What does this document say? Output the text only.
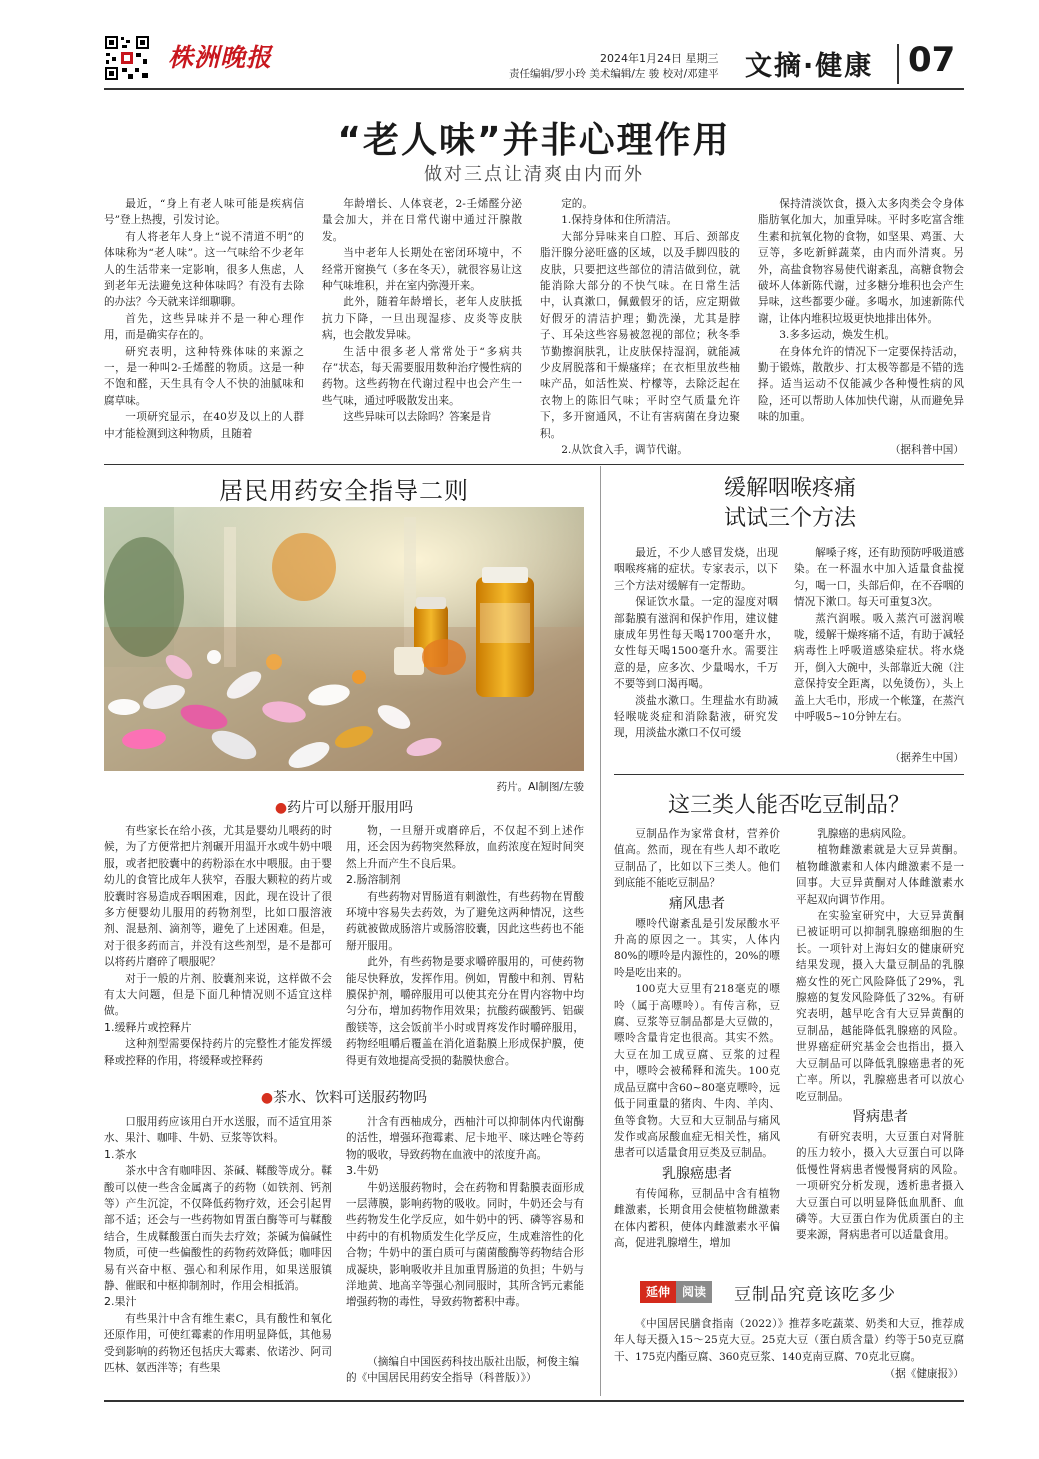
株洲晚报	2024年1月24日 星期三
责任编辑/罗小玲 美术编辑/左 骏 校对/邓建平 文摘·健康 07
“老人味”并非心理作用
做对三点让清爽由内而外

最近，“身上有老人味可能是疾病信号”登上热搜，引发讨论。

有人将老年人身上“说不清道不明”的体味称为“老人味”。这一气味给不少老年人的生活带来一定影响，很多人焦虑，人到老年无法避免这种体味吗？有没有去除的办法？今天就来详细聊聊。

首先，这些异味并不是一种心理作用，而是确实存在的。

研究表明，这种特殊体味的来源之一，是一种叫2-壬烯醛的物质。这是一种不饱和醛，天生具有令人不快的油腻味和腐草味。

一项研究显示，在40岁及以上的人群中才能检测到这种物质，且随着

年龄增长、人体衰老，2-壬烯醛分泌量会加大，并在日常代谢中通过汗腺散发。

当中老年人长期处在密闭环境中，不经常开窗换气（多在冬天），就很容易让这种气味堆积，并在室内弥漫开来。

此外，随着年龄增长，老年人皮肤抵抗力下降，一旦出现湿疹、皮炎等皮肤病，也会散发异味。

生活中很多老人常常处于“多病共存”状态，每天需要服用数种治疗慢性病的药物。这些药物在代谢过程中也会产生一些气味，通过呼吸散发出来。

这些异味可以去除吗？答案是肯

定的。

1.保持身体和住所清洁。

大部分异味来自口腔、耳后、颈部皮脂汗腺分泌旺盛的区域，以及手脚四肢的皮肤，只要把这些部位的清洁做到位，就能消除大部分的不快气味。在日常生活中，认真漱口，佩戴假牙的话，应定期做好假牙的清洁护理；勤洗澡，尤其是脖子、耳朵这些容易被忽视的部位；秋冬季节勤擦润肤乳，让皮肤保持湿润，就能减少皮屑脱落和干燥瘙痒；在衣柜里放些柚味产品，如活性炭、柠檬等，去除泛起在衣物上的陈旧气味；平时空气质量允许下，多开窗通风，不让有害病菌在身边聚积。

2.从饮食入手，调节代谢。

保持清淡饮食，摄入太多肉类会令身体脂肪氧化加大，加重异味。平时多吃富含维生素和抗氧化物的食物，如坚果、鸡蛋、大豆等，多吃新鲜蔬菜，由内而外清爽。另外，高盐食物容易使代谢紊乱，高糖食物会破坏人体新陈代谢，过多糖分堆积也会产生异味，这些都要少碰。多喝水，加速新陈代谢，让体内堆积垃圾更快地排出体外。

3.多多运动，焕发生机。

在身体允许的情况下一定要保持活动，勤于锻炼，散散步、打太极等都是不错的选择。适当运动不仅能减少各种慢性病的风险，还可以帮助人体加快代谢，从而避免异味的加重。

（据科普中国）
居民用药安全指导二则
药片。AI制图/左骏
●药片可以掰开服用吗

有些家长在给小孩，尤其是婴幼儿喂药的时候，为了方便常把片剂碾开用温开水或牛奶中喂服，或者把胶囊中的药粉添在水中喂服。由于婴幼儿的食管比成年人狭窄，吞服大颗粒的药片或胶囊时容易造成吞咽困难，因此，现在设计了很多方便婴幼儿服用的药物剂型，比如口服溶液剂、混悬剂、滴剂等，避免了上述困难。但是，对于很多药而言，并没有这些剂型，是不是都可以将药片磨碎了喂服呢？

对于一般的片剂、胶囊剂来说，这样做不会有太大问题，但是下面几种情况则不适宜这样做。

1.缓释片或控释片

这种剂型需要保持药片的完整性才能发挥缓释或控释的作用，将缓释或控释药

物，一旦掰开或磨碎后，不仅起不到上述作用，还会因为药物突然释放，血药浓度在短时间突然上升而产生不良后果。

2.肠溶制剂

有些药物对胃肠道有刺激性，有些药物在胃酸环境中容易失去药效，为了避免这两种情况，这些药就被做成肠溶片或肠溶胶囊，因此这些药也不能掰开服用。

此外，有些药物是要求嚼碎服用的，可使药物能尽快释放，发挥作用。例如，胃酸中和剂、胃粘膜保护剂，嚼碎服用可以使其充分在胃内容物中均匀分布，增加药物作用效果；抗酸药碳酸钙、铝碳酸镁等，这会饭前半小时或胃疼发作时嚼碎服用，药物经咀嚼后覆盖在消化道黏膜上形成保护膜，使得更有效地提高受损的黏膜快愈合。

●茶水、饮料可送服药物吗

口服用药应该用白开水送服，而不适宜用茶水、果汁、咖啡、牛奶、豆浆等饮料。

1.茶水

茶水中含有咖啡因、茶碱、鞣酸等成分。鞣酸可以使一些含金属离子的药物（如铁剂、钙剂等）产生沉淀，不仅降低药物疗效，还会引起胃部不适；还会与一些药物如胃蛋白酶等可与鞣酸结合，生成鞣酸蛋白而失去疗效；茶碱为偏碱性物质，可使一些偏酸性的药物药效降低；咖啡因易有兴奋中枢、强心和利尿作用，如果送服镇静、催眠和中枢抑制剂时，作用会相抵消。

2.果汁

有些果汁中含有维生素C，具有酸性和氧化还原作用，可使红霉素的作用明显降低，其他易受到影响的药物还包括庆大霉素、依诺沙、阿司匹林、氨西泮等；有些果

汁含有西柚成分，西柚汁可以抑制体内代谢酶的活性，增强环孢霉素、尼卡地平、咪达唑仑等药物的吸收，导致药物在血液中的浓度升高。

3.牛奶

牛奶送服药物时，会在药物和胃黏膜表面形成一层薄膜，影响药物的吸收。同时，牛奶还会与有些药物发生化学反应，如牛奶中的钙、磷等容易和中药中的有机物质发生化学反应，生成难溶性的化合物；牛奶中的蛋白质可与菌菌酸酶等药物结合形成凝块，影响吸收并且加重胃肠道的负担；牛奶与洋地黄、地高辛等强心剂同服时，其所含钙元素能增强药物的毒性，导致药物蓄积中毒。

（摘编自中国医药科技出版社出版，柯俊主编的《中国居民用药安全指导（科普版）》）
缓解咽喉疼痛
试试三个方法

最近，不少人感冒发烧，出现咽喉疼痛的症状。专家表示，以下三个方法对缓解有一定帮助。

保证饮水量。一定的湿度对咽部黏膜有滋润和保护作用，建议健康成年男性每天喝1700毫升水，女性每天喝1500毫升水。需要注意的是，应多次、少量喝水，千万不要等到口渴再喝。

淡盐水漱口。生理盐水有助减轻喉咙炎症和消除黏液，研究发现，用淡盐水漱口不仅可缓

解嗓子疼，还有助预防呼吸道感染。在一杯温水中加入适量食盐搅匀，喝一口，头部后仰，在不吞咽的情况下漱口。每天可重复3次。

蒸汽润喉。吸入蒸汽可滋润喉咙，缓解干燥疼痛不适，有助于减轻病毒性上呼吸道感染症状。将水烧开，倒入大碗中，头部靠近大碗（注意保持安全距离，以免烫伤），头上盖上大毛巾，形成一个帐篷，在蒸汽中呼吸5~10分钟左右。

（据养生中国）
这三类人能否吃豆制品？

豆制品作为家常食材，营养价值高。然而，现在有些人却不敢吃豆制品了，比如以下三类人。他们到底能不能吃豆制品？

痛风患者

嘌呤代谢紊乱是引发尿酸水平升高的原因之一。其实，人体内80%的嘌呤是内源性的，20%的嘌呤是吃出来的。

100克大豆里有218毫克的嘌呤（属于高嘌呤）。有传言称，豆腐、豆浆等豆制品都是大豆做的，嘌呤含量肯定也很高。其实不然。大豆在加工成豆腐、豆浆的过程中，嘌呤会被稀释和流失。100克成品豆腐中含60~80毫克嘌呤，远低于同重量的猪肉、牛肉、羊肉、鱼等食物。大豆和大豆制品与痛风发作或高尿酸血症无相关性，痛风患者可以适量食用豆类及豆制品。

乳腺癌患者

有传闻称，豆制品中含有植物雌激素，长期食用会使植物雌激素在体内蓄积，使体内雌激素水平偏高，促进乳腺增生，增加

乳腺癌的患病风险。

植物雌激素就是大豆异黄酮。植物雌激素和人体内雌激素不是一回事。大豆异黄酮对人体雌激素水平起双向调节作用。

在实验室研究中，大豆异黄酮已被证明可以抑制乳腺癌细胞的生长。一项针对上海妇女的健康研究结果发现，摄入大量豆制品的乳腺癌女性的死亡风险降低了29%，乳腺癌的复发风险降低了32%。有研究表明，越早吃含有大豆异黄酮的豆制品，越能降低乳腺癌的风险。世界癌症研究基金会也指出，摄入大豆制品可以降低乳腺癌患者的死亡率。所以，乳腺癌患者可以放心吃豆制品。

肾病患者

有研究表明，大豆蛋白对肾脏的压力较小，摄入大豆蛋白可以降低慢性肾病患者慢慢肾病的风险。一项研究分析发现，透析患者摄入大豆蛋白可以明显降低血肌酐、血磷等。大豆蛋白作为优质蛋白的主要来源，肾病患者可以适量食用。

延伸	阅读	豆制品究竟该吃多少
《中国居民膳食指南（2022）》推荐多吃蔬菜、奶类和大豆，推荐成年人每天摄入15～25克大豆。25克大豆（蛋白质含量）约等于50克豆腐干、175克内酯豆腐、360克豆浆、140克南豆腐、70克北豆腐。
（据《健康报》）
